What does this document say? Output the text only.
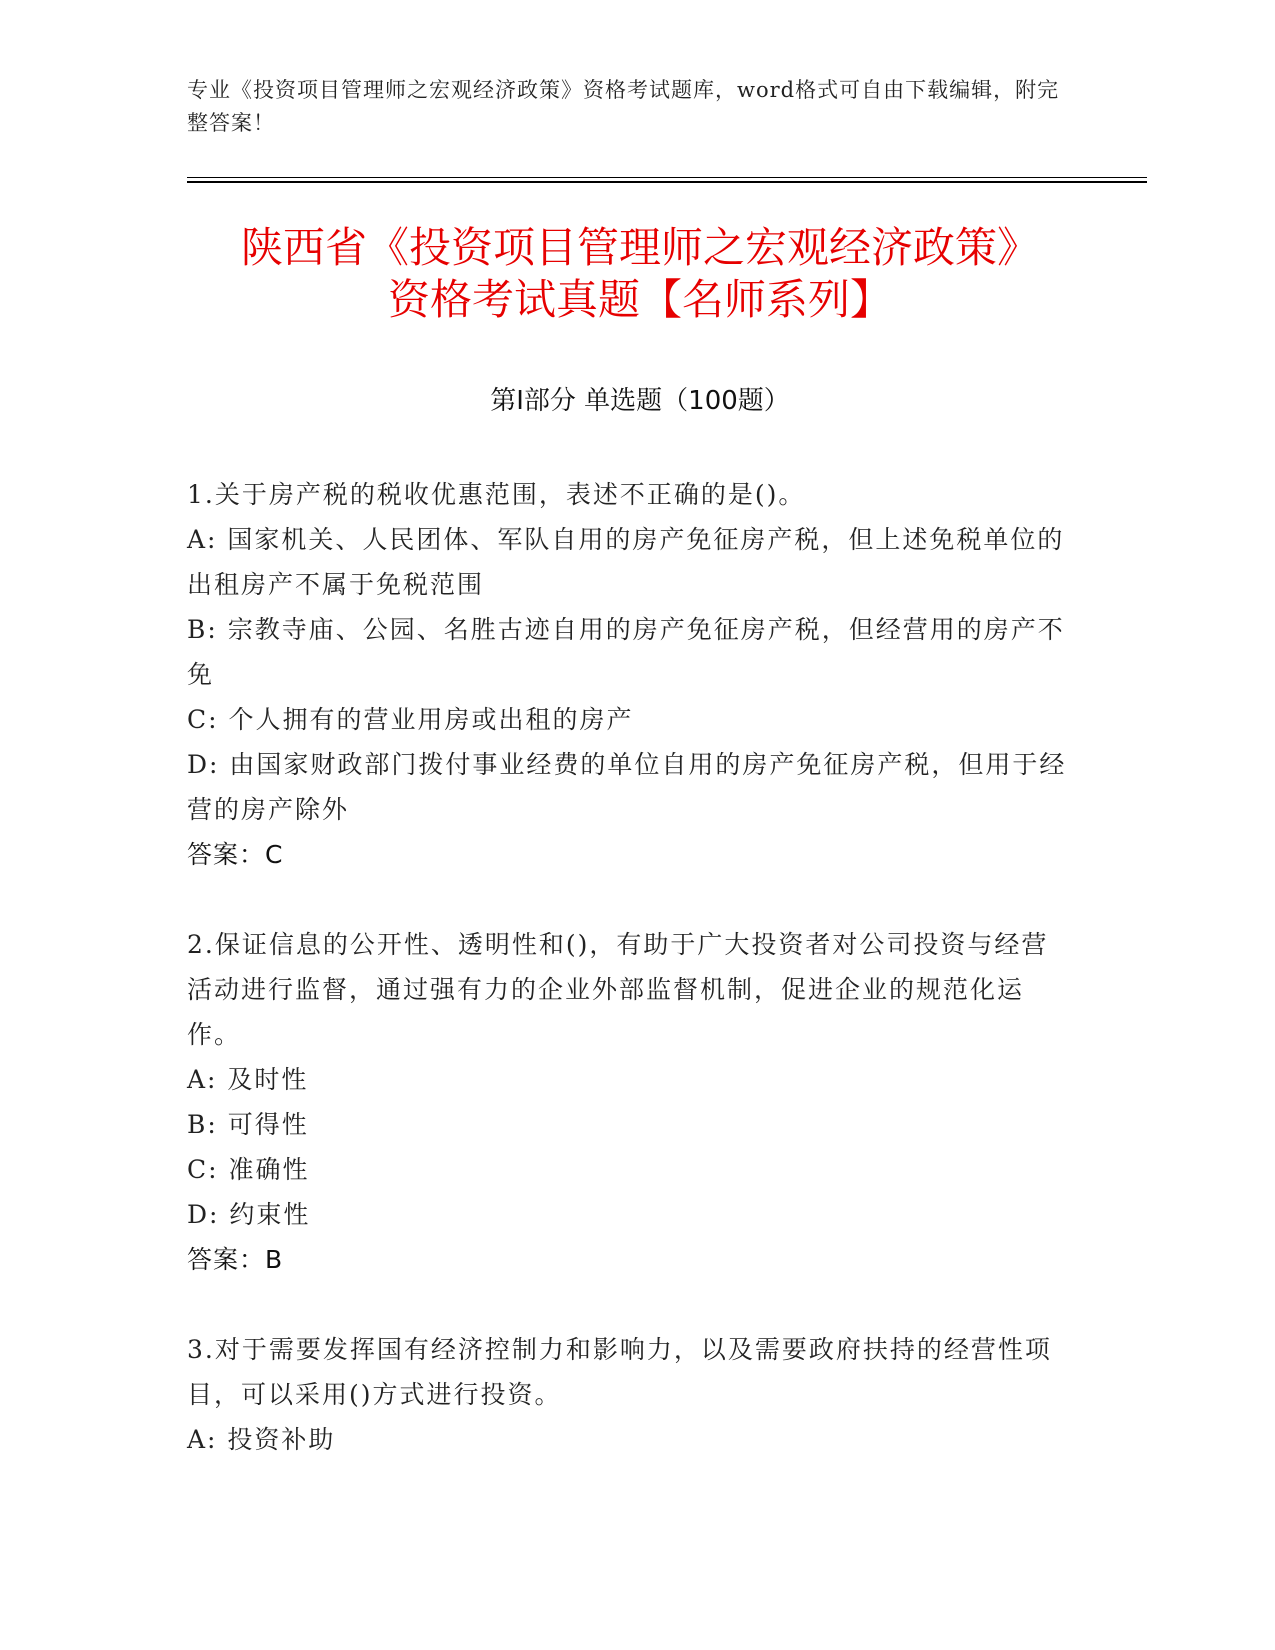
专业《投资项目管理师之宏观经济政策》资格考试题库，word格式可自由下载编辑，附完整答案！
陕西省《投资项目管理师之宏观经济政策》
资格考试真题【名师系列】
第I部分 单选题（100题）

1.关于房产税的税收优惠范围，表述不正确的是()。

A: 国家机关、人民团体、军队自用的房产免征房产税，但上述免税单位的出租房产不属于免税范围

B: 宗教寺庙、公园、名胜古迹自用的房产免征房产税，但经营用的房产不免

C: 个人拥有的营业用房或出租的房产

D: 由国家财政部门拨付事业经费的单位自用的房产免征房产税，但用于经营的房产除外

答案：C

2.保证信息的公开性、透明性和()，有助于广大投资者对公司投资与经营活动进行监督，通过强有力的企业外部监督机制，促进企业的规范化运作。

A: 及时性

B: 可得性

C: 准确性

D: 约束性

答案：B

3.对于需要发挥国有经济控制力和影响力，以及需要政府扶持的经营性项目，可以采用()方式进行投资。

A: 投资补助
